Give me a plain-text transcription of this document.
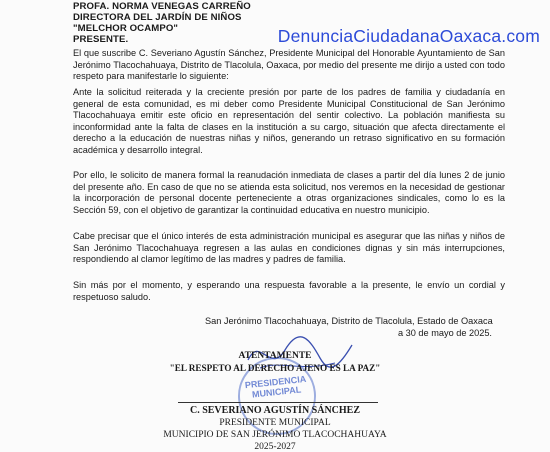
PROFA. NORMA VENEGAS CARREÑO
DIRECTORA DEL JARDÍN DE NIÑOS
"MELCHOR OCAMPO"
PRESENTE.	DenunciaCiudadanaOaxaca.com
El que suscribe C. Severiano Agustín Sánchez, Presidente Municipal del Honorable Ayuntamiento de San Jerónimo Tlacochahuaya, Distrito de Tlacolula, Oaxaca, por medio del presente me dirijo a usted con todo respeto para manifestarle lo siguiente:
Ante la solicitud reiterada y la creciente presión por parte de los padres de familia y ciudadanía en general de esta comunidad, es mi deber como Presidente Municipal Constitucional de San Jerónimo Tlacochahuaya emitir este oficio en representación del sentir colectivo. La población manifiesta su inconformidad ante la falta de clases en la institución a su cargo, situación que afecta directamente el derecho a la educación de nuestras niñas y niños, generando un retraso significativo en su formación académica y desarrollo integral.
Por ello, le solicito de manera formal la reanudación inmediata de clases a partir del día lunes 2 de junio del presente año. En caso de que no se atienda esta solicitud, nos veremos en la necesidad de gestionar la incorporación de personal docente perteneciente a otras organizaciones sindicales, como lo es la Sección 59, con el objetivo de garantizar la continuidad educativa en nuestro municipio.
Cabe precisar que el único interés de esta administración municipal es asegurar que las niñas y niños de San Jerónimo Tlacochahuaya regresen a las aulas en condiciones dignas y sin más interrupciones, respondiendo al clamor legítimo de las madres y padres de familia.
Sin más por el momento, y esperando una respuesta favorable a la presente, le envío un cordial y respetuoso saludo.
San Jerónimo Tlacochahuaya, Distrito de Tlacolula, Estado de Oaxaca
a 30 de mayo de 2025.
PRESIDENCIA MUNICIPAL
ATENTAMENTE
"EL RESPETO AL DERECHO AJENO ES LA PAZ"
C. SEVERIANO AGUSTÍN SÁNCHEZ
PRESIDENTE MUNICIPAL
MUNICIPIO DE SAN JERÓNIMO TLACOCHAHUAYA
2025-2027
